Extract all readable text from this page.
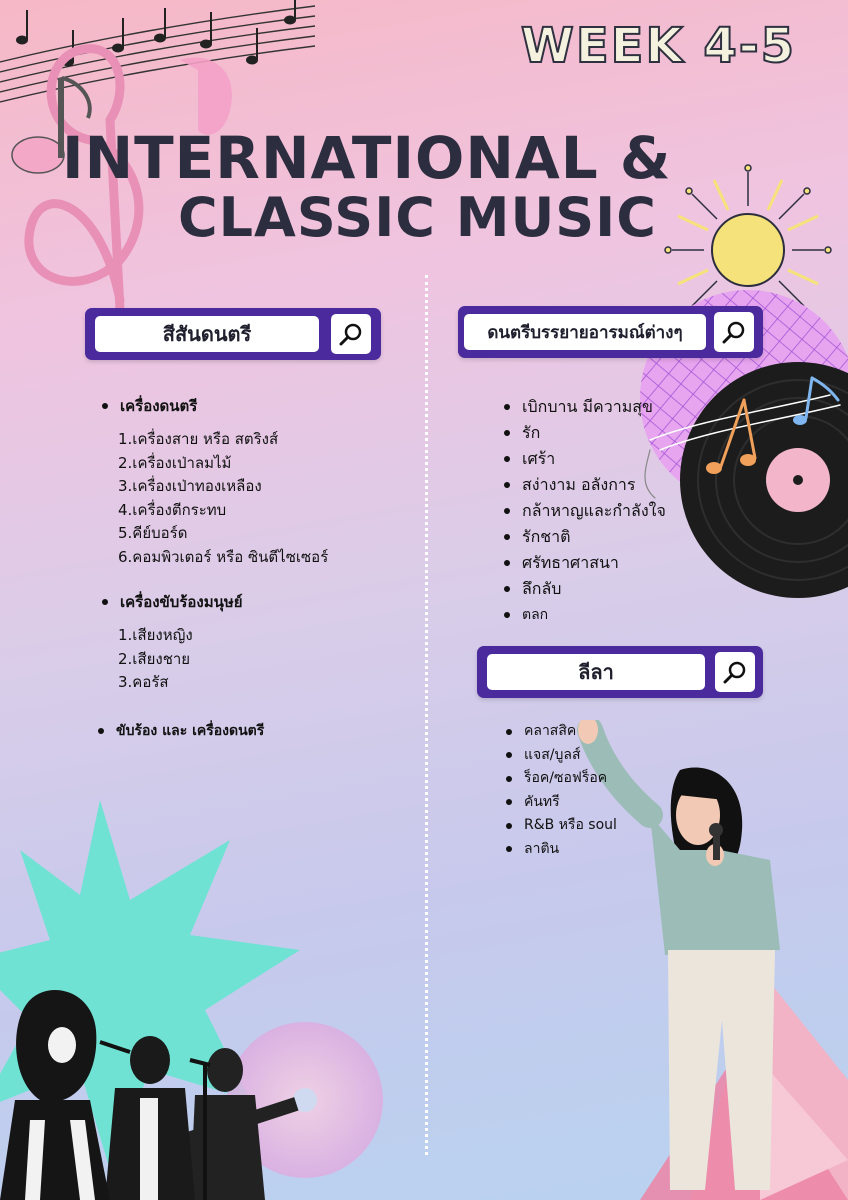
WEEK 4-5
INTERNATIONAL &
CLASSIC MUSIC
สีสันดนตรี
เครื่องดนตรี
1.เครื่องสาย หรือ สตริงส์
2.เครื่องเป่าลมไม้
3.เครื่องเป่าทองเหลือง
4.เครื่องตีกระทบ
5.คีย์บอร์ด
6.คอมพิวเตอร์ หรือ ซินตีไซเซอร์
เครื่องขับร้องมนุษย์
1.เสียงหญิง
2.เสียงชาย
3.คอรัส
ขับร้อง และ เครื่องดนตรี
ดนตรีบรรยายอารมณ์ต่างๆ
เบิกบาน มีความสุข
รัก
เศร้า
สง่างาม อลังการ
กล้าหาญและกำลังใจ
รักชาติ
ศรัทธาศาสนา
ลึกลับ
ตลก
ลีลา
คลาสสิค
แจส/บูลส์
ร็อค/ซอฟร็อค
คันทรี
R&B หรือ soul
ลาติน
